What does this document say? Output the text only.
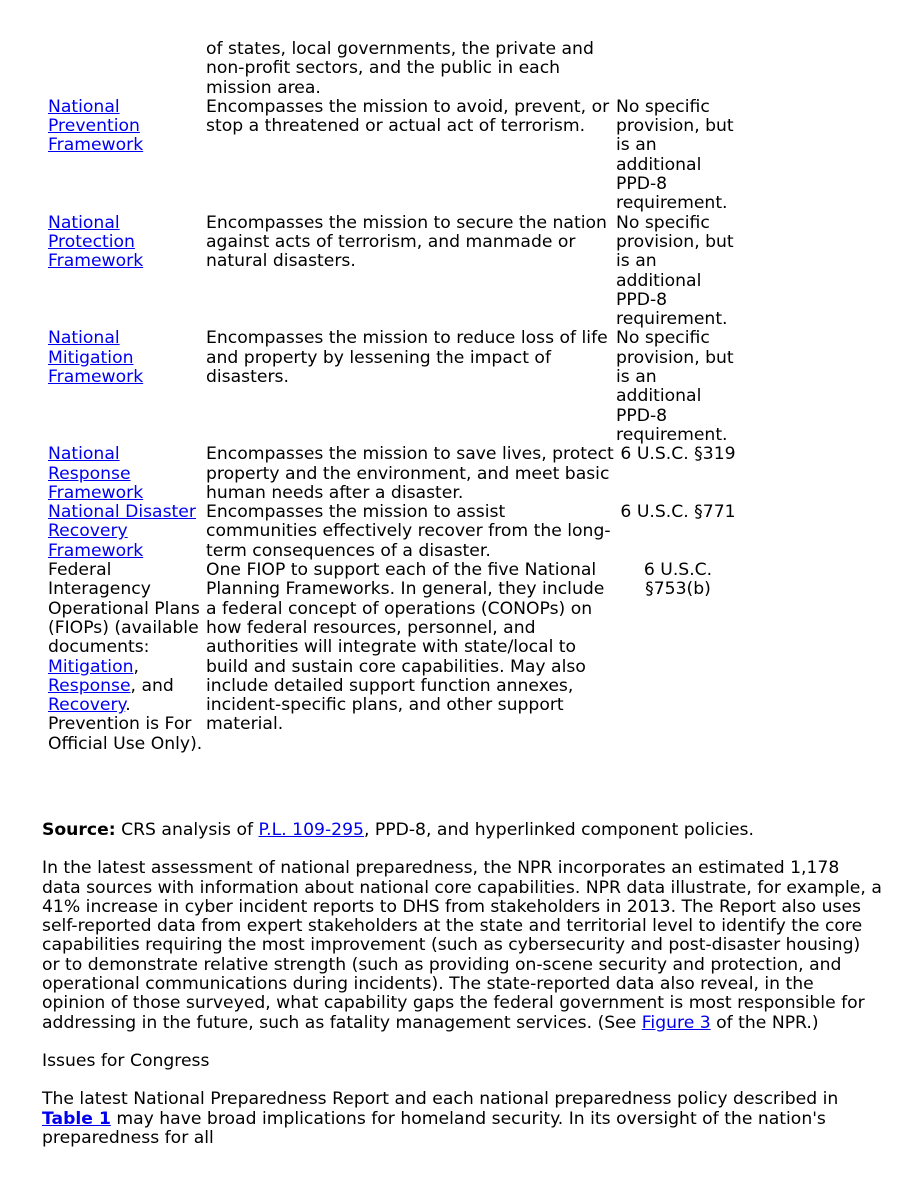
	of states, local governments, the private and non-profit sectors, and the public in each mission area.	
National Prevention Framework	Encompasses the mission to avoid, prevent, or stop a threatened or actual act of terrorism.	No specific provision, but is an additional PPD-8 requirement.
National Protection Framework	Encompasses the mission to secure the nation against acts of terrorism, and manmade or natural disasters.	No specific provision, but is an additional PPD-8 requirement.
National Mitigation Framework	Encompasses the mission to reduce loss of life and property by lessening the impact of disasters.	No specific provision, but is an additional PPD-8 requirement.
National Response Framework	Encompasses the mission to save lives, protect property and the environment, and meet basic human needs after a disaster.	6 U.S.C. §319
National Disaster Recovery Framework	Encompasses the mission to assist communities effectively recover from the long-term consequences of a disaster.	6 U.S.C. §771
Federal Interagency Operational Plans (FIOPs) (available documents: Mitigation, Response, and Recovery. Prevention is For Official Use Only).	One FIOP to support each of the five National Planning Frameworks. In general, they include a federal concept of operations (CONOPs) on how federal resources, personnel, and authorities will integrate with state/local to build and sustain core capabilities. May also include detailed support function annexes, incident-specific plans, and other support material.	6 U.S.C. §753(b)

Source: CRS analysis of P.L. 109-295, PPD-8, and hyperlinked component policies.

In the latest assessment of national preparedness, the NPR incorporates an estimated 1,178 data sources with information about national core capabilities. NPR data illustrate, for example, a 41% increase in cyber incident reports to DHS from stakeholders in 2013. The Report also uses self-reported data from expert stakeholders at the state and territorial level to identify the core capabilities requiring the most improvement (such as cybersecurity and post-disaster housing) or to demonstrate relative strength (such as providing on-scene security and protection, and operational communications during incidents). The state-reported data also reveal, in the opinion of those surveyed, what capability gaps the federal government is most responsible for addressing in the future, such as fatality management services. (See Figure 3 of the NPR.)

Issues for Congress

The latest National Preparedness Report and each national preparedness policy described in Table 1 may have broad implications for homeland security. In its oversight of the nation's preparedness for all
